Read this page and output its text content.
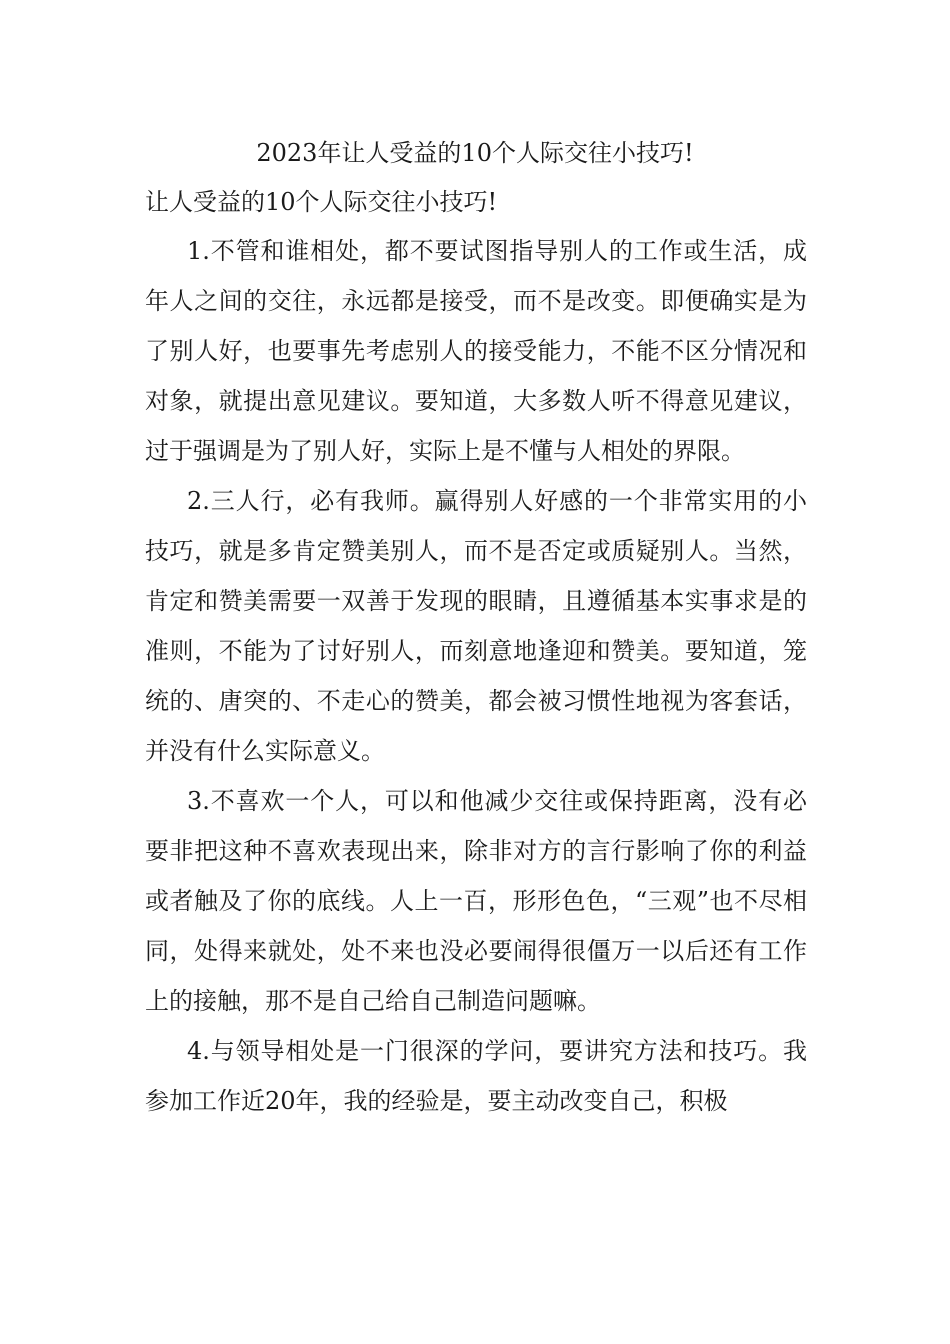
2023年让人受益的10个人际交往小技巧!
让人受益的10个人际交往小技巧!

1.不管和谁相处，都不要试图指导别人的工作或生活，成年人之间的交往，永远都是接受，而不是改变。即便确实是为了别人好，也要事先考虑别人的接受能力，不能不区分情况和对象，就提出意见建议。要知道，大多数人听不得意见建议，过于强调是为了别人好，实际上是不懂与人相处的界限。

2.三人行，必有我师。赢得别人好感的一个非常实用的小技巧，就是多肯定赞美别人，而不是否定或质疑别人。当然，肯定和赞美需要一双善于发现的眼睛，且遵循基本实事求是的准则，不能为了讨好别人，而刻意地逢迎和赞美。要知道，笼统的、唐突的、不走心的赞美，都会被习惯性地视为客套话，并没有什么实际意义。

3.不喜欢一个人，可以和他减少交往或保持距离，没有必要非把这种不喜欢表现出来，除非对方的言行影响了你的利益或者触及了你的底线。人上一百，形形色色，“三观”也不尽相同，处得来就处，处不来也没必要闹得很僵万一以后还有工作上的接触，那不是自己给自己制造问题嘛。

4.与领导相处是一门很深的学问，要讲究方法和技巧。我参加工作近20年，我的经验是，要主动改变自己，积极
